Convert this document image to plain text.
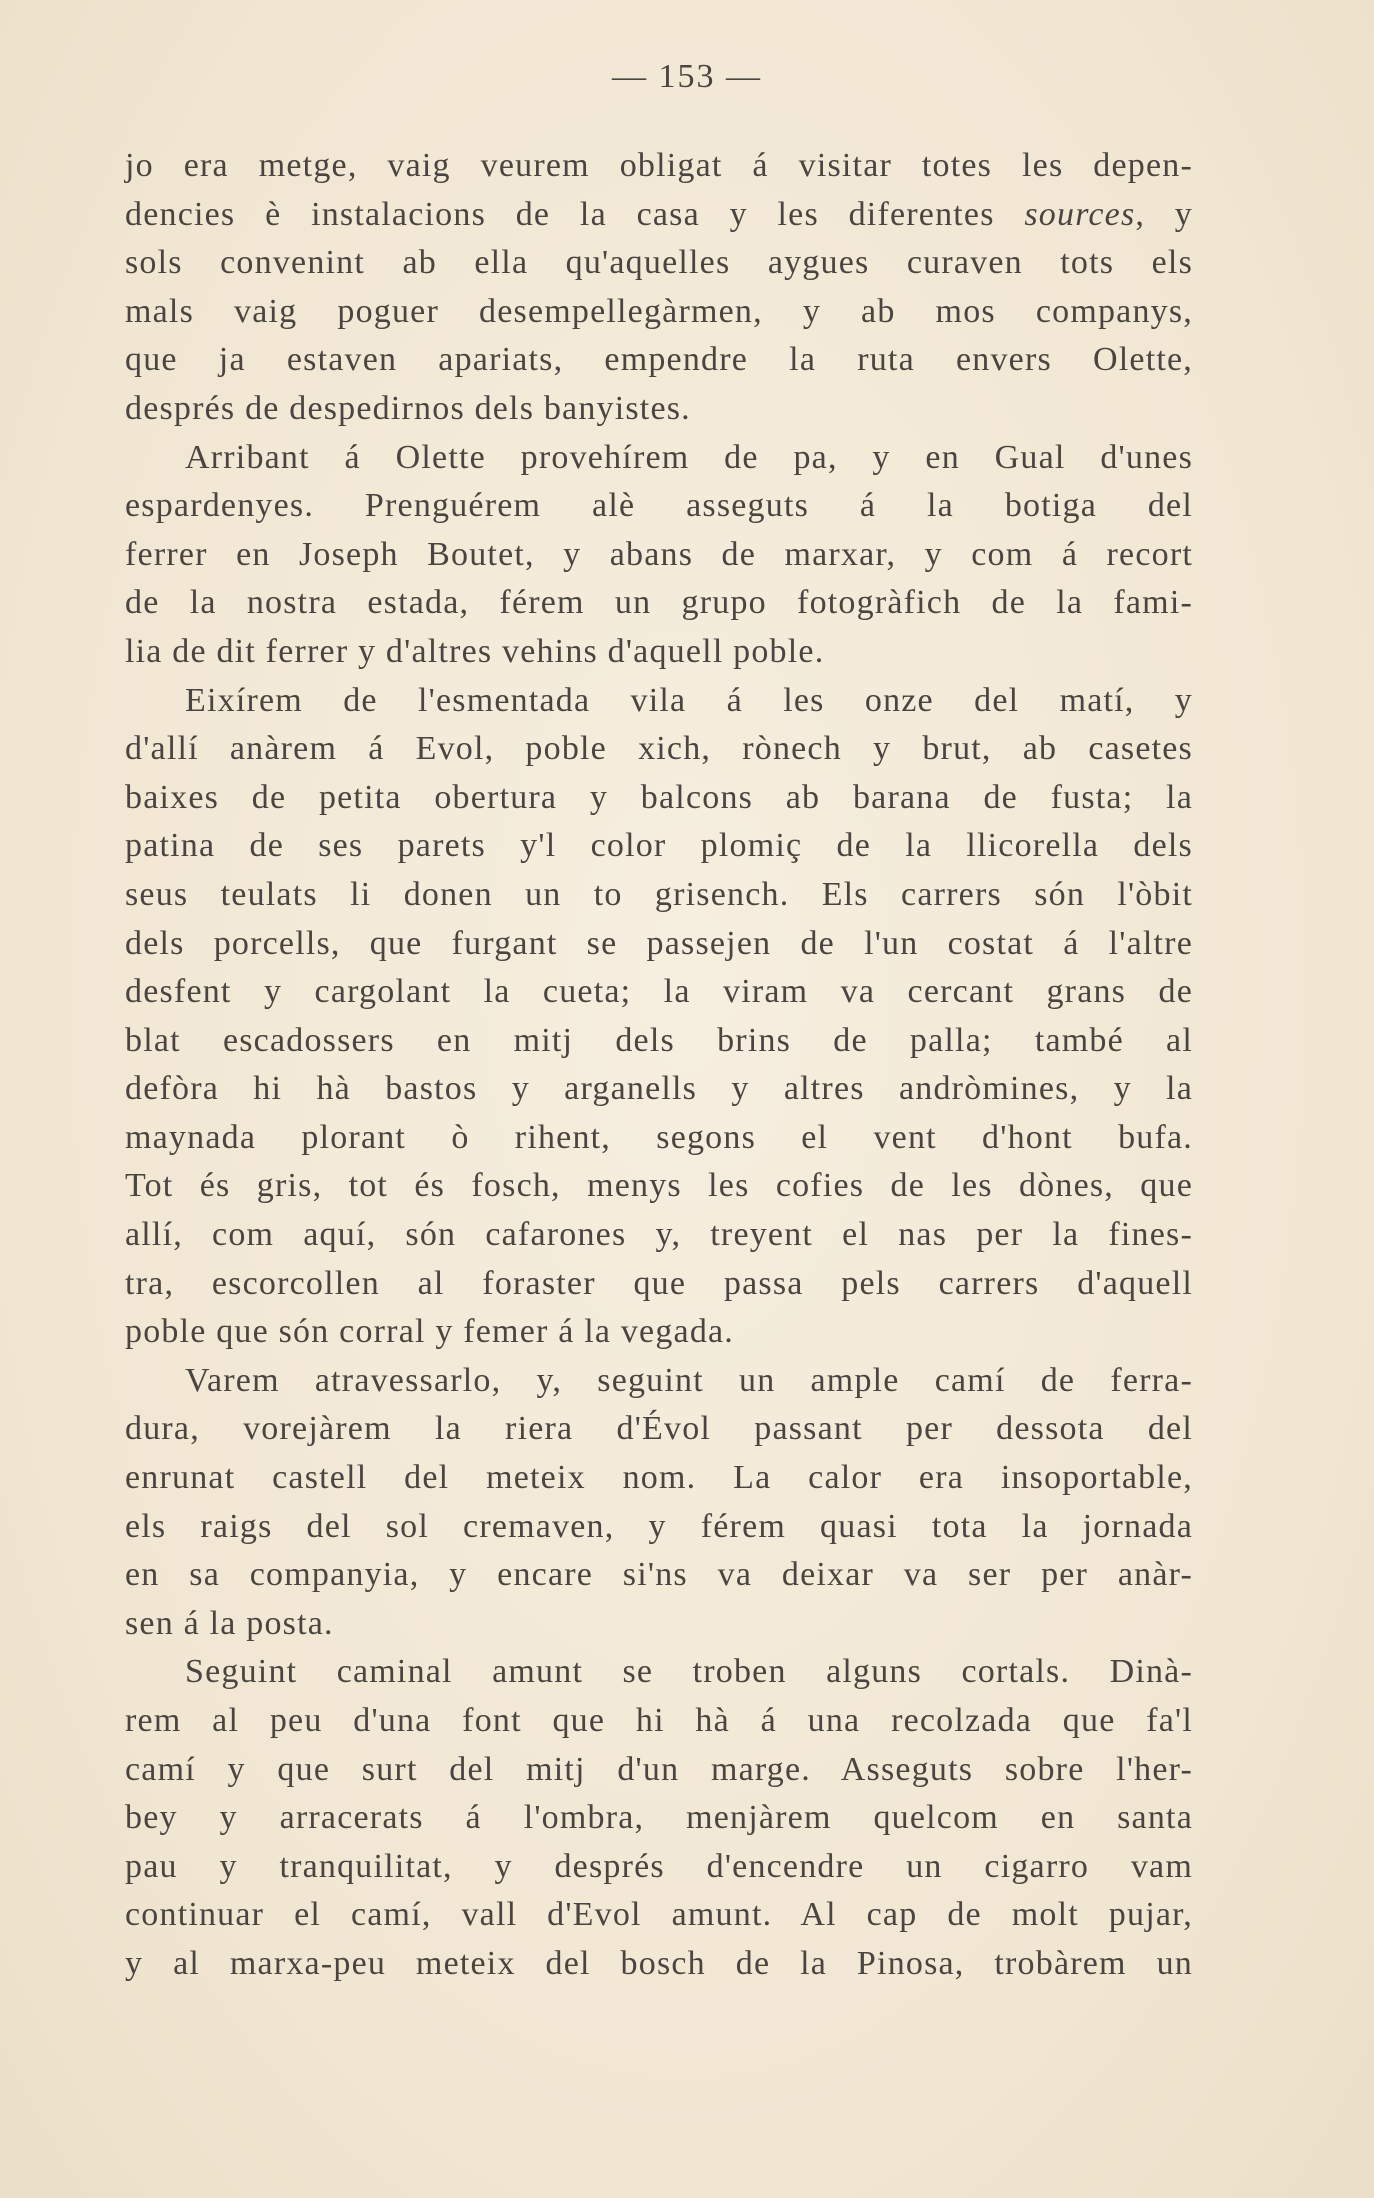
— 153 —
jo era metge, vaig veurem obligat á visitar totes les depen-
dencies è instalacions de la casa y les diferentes sources, y
sols convenint ab ella qu'aquelles aygues curaven tots els
mals vaig poguer desempellegàrmen, y ab mos companys,
que ja estaven apariats, empendre la ruta envers Olette,
després de despedirnos dels banyistes.
Arribant á Olette provehírem de pa, y en Gual d'unes
espardenyes. Prenguérem alè asseguts á la botiga del
ferrer en Joseph Boutet, y abans de marxar, y com á recort
de la nostra estada, férem un grupo fotogràfich de la fami-
lia de dit ferrer y d'altres vehins d'aquell poble.
Eixírem de l'esmentada vila á les onze del matí, y
d'allí anàrem á Evol, poble xich, rònech y brut, ab casetes
baixes de petita obertura y balcons ab barana de fusta; la
patina de ses parets y'l color plomiç de la llicorella dels
seus teulats li donen un to grisench. Els carrers són l'òbit
dels porcells, que furgant se passejen de l'un costat á l'altre
desfent y cargolant la cueta; la viram va cercant grans de
blat escadossers en mitj dels brins de palla; també al
defòra hi hà bastos y arganells y altres andròmines, y la
maynada plorant ò rihent, segons el vent d'hont bufa.
Tot és gris, tot és fosch, menys les cofies de les dònes, que
allí, com aquí, són cafarones y, treyent el nas per la fines-
tra, escorcollen al foraster que passa pels carrers d'aquell
poble que són corral y femer á la vegada.
Varem atravessarlo, y, seguint un ample camí de ferra-
dura, vorejàrem la riera d'Évol passant per dessota del
enrunat castell del meteix nom. La calor era insoportable,
els raigs del sol cremaven, y férem quasi tota la jornada
en sa companyia, y encare si'ns va deixar va ser per anàr-
sen á la posta.
Seguint caminal amunt se troben alguns cortals. Dinà-
rem al peu d'una font que hi hà á una recolzada que fa'l
camí y que surt del mitj d'un marge. Asseguts sobre l'her-
bey y arracerats á l'ombra, menjàrem quelcom en santa
pau y tranquilitat, y després d'encendre un cigarro vam
continuar el camí, vall d'Evol amunt. Al cap de molt pujar,
y al marxa-peu meteix del bosch de la Pinosa, trobàrem un
